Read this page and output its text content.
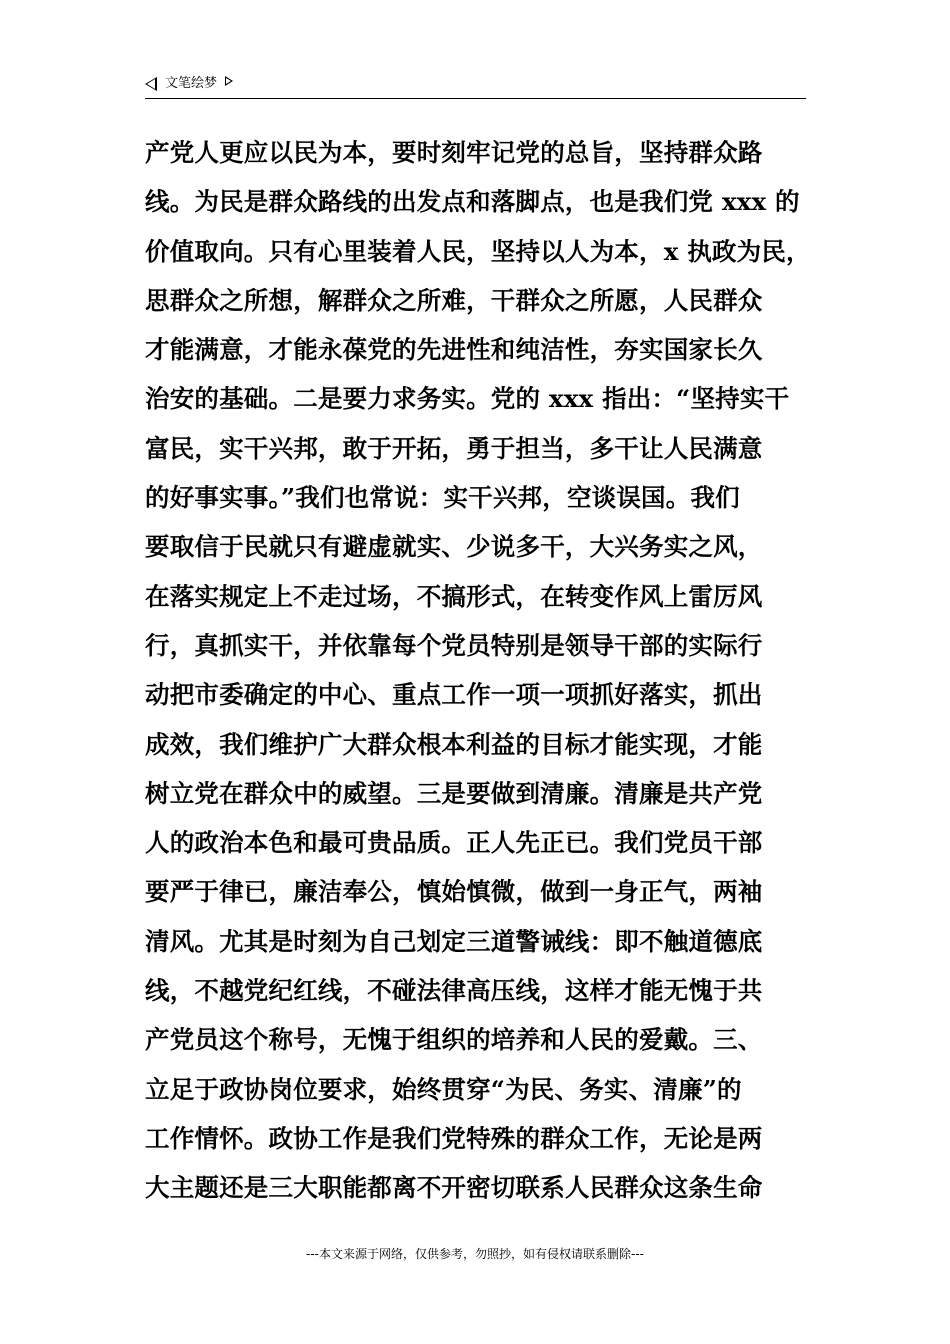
文笔绘梦
产党人更应以民为本，要时刻牢记党的总旨，坚持群众路
线。为民是群众路线的出发点和落脚点，也是我们党 xxx 的
价值取向。只有心里装着人民，坚持以人为本，x 执政为民，
思群众之所想，解群众之所难，干群众之所愿，人民群众
才能满意，才能永葆党的先进性和纯洁性，夯实国家长久
治安的基础。二是要力求务实。党的 xxx 指出：“坚持实干
富民，实干兴邦，敢于开拓，勇于担当，多干让人民满意
的好事实事。”我们也常说：实干兴邦，空谈误国。我们
要取信于民就只有避虚就实、少说多干，大兴务实之风，
在落实规定上不走过场，不搞形式，在转变作风上雷厉风
行，真抓实干，并依靠每个党员特别是领导干部的实际行
动把市委确定的中心、重点工作一项一项抓好落实，抓出
成效，我们维护广大群众根本利益的目标才能实现，才能
树立党在群众中的威望。三是要做到清廉。清廉是共产党
人的政治本色和最可贵品质。正人先正已。我们党员干部
要严于律已，廉洁奉公，慎始慎微，做到一身正气，两袖
清风。尤其是时刻为自己划定三道警诫线：即不触道德底
线，不越党纪红线，不碰法律高压线，这样才能无愧于共
产党员这个称号，无愧于组织的培养和人民的爱戴。三、
立足于政协岗位要求，始终贯穿“为民、务实、清廉”的
工作情怀。政协工作是我们党特殊的群众工作，无论是两
大主题还是三大职能都离不开密切联系人民群众这条生命
---本文来源于网络，仅供参考，勿照抄，如有侵权请联系删除---
